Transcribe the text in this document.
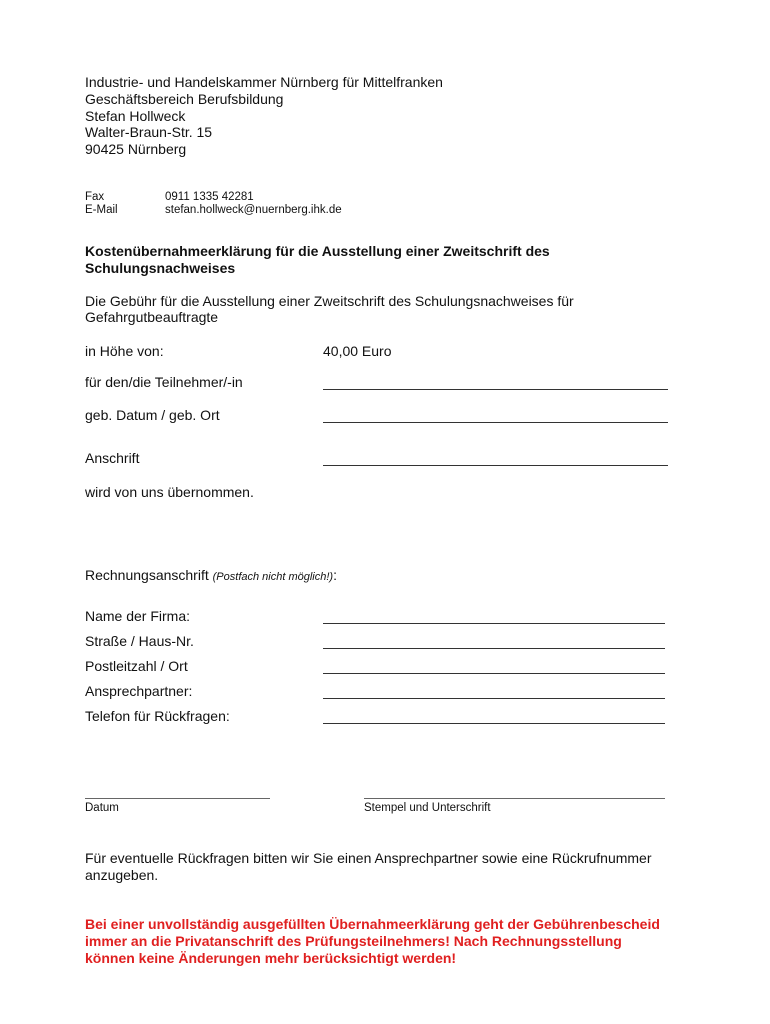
Industrie- und Handelskammer Nürnberg für Mittelfranken
Geschäftsbereich Berufsbildung
Stefan Hollweck
Walter-Braun-Str. 15
90425 Nürnberg
Fax	0911 1335 42281
E-Mail	stefan.hollweck@nuernberg.ihk.de
Kostenübernahmeerklärung für die Ausstellung einer Zweitschrift des
Schulungsnachweises
Die Gebühr für die Ausstellung einer Zweitschrift des Schulungsnachweises für
Gefahrgutbeauftragte
in Höhe von:	40,00 Euro
für den/die Teilnehmer/-in
geb. Datum / geb. Ort
Anschrift
wird von uns übernommen.
Rechnungsanschrift (Postfach nicht möglich!):
Name der Firma:
Straße / Haus-Nr.
Postleitzahl / Ort
Ansprechpartner:
Telefon für Rückfragen:
Datum	Stempel und Unterschrift
Für eventuelle Rückfragen bitten wir Sie einen Ansprechpartner sowie eine Rückrufnummer
anzugeben.
Bei einer unvollständig ausgefüllten Übernahmeerklärung geht der Gebührenbescheid
immer an die Privatanschrift des Prüfungsteilnehmers! Nach Rechnungsstellung
können keine Änderungen mehr berücksichtigt werden!
